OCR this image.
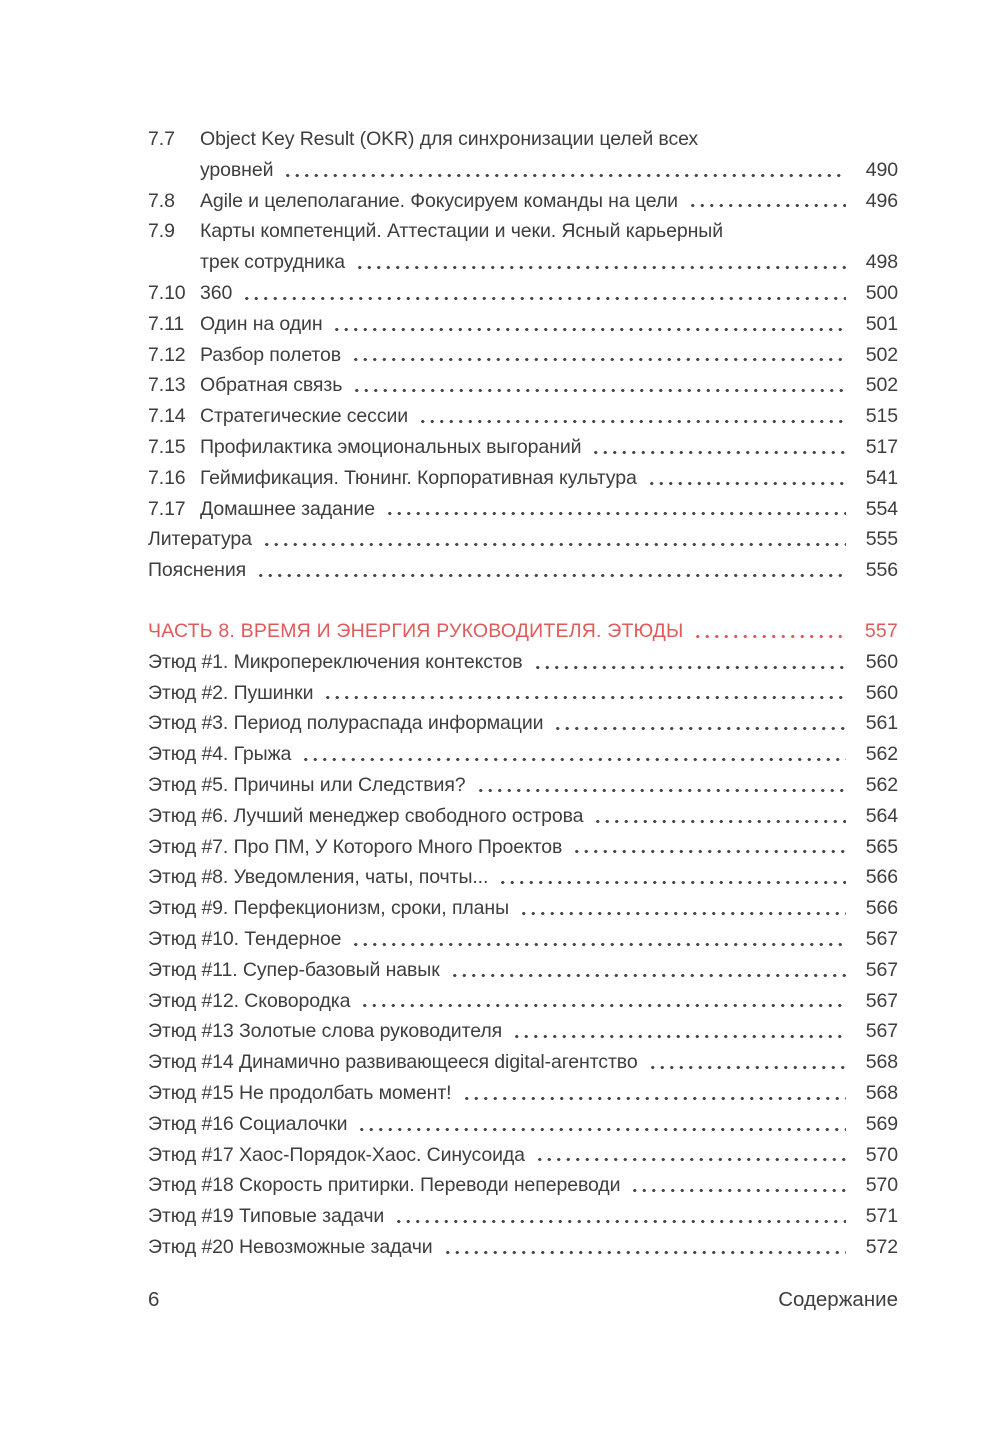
7.7	Object Key Result (OKR) для синхронизации целей всех
уровней	490
7.8	Agile и целеполагание. Фокусируем команды на цели	496
7.9	Карты компетенций. Аттестации и чеки. Ясный карьерный
трек сотрудника	498
7.10 360	500
7.11 Один на один	501
7.12 Разбор полетов	502
7.13 Обратная связь	502
7.14 Стратегические сессии	515
7.15 Профилактика эмоциональных выгораний	517
7.16 Геймификация. Тюнинг. Корпоративная культура	541
7.17 Домашнее задание	554
Литература	555
Пояснения	556
ЧАСТЬ 8. ВРЕМЯ И ЭНЕРГИЯ РУКОВОДИТЕЛЯ. ЭТЮДЫ	557
Этюд #1. Микропереключения контекстов	560
Этюд #2. Пушинки	560
Этюд #3. Период полураспада информации	561
Этюд #4. Грыжа	562
Этюд #5. Причины или Следствия?	562
Этюд #6. Лучший менеджер свободного острова	564
Этюд #7. Про ПМ, У Которого Много Проектов	565
Этюд #8. Уведомления, чаты, почты...	566
Этюд #9. Перфекционизм, сроки, планы	566
Этюд #10. Тендерное	567
Этюд #11. Супер-базовый навык	567
Этюд #12. Сковородка	567
Этюд #13 Золотые слова руководителя	567
Этюд #14 Динамично развивающееся digital-агентство	568
Этюд #15 Не продолбать момент!	568
Этюд #16 Социалочки	569
Этюд #17 Хаос-Порядок-Хаос. Синусоида	570
Этюд #18 Скорость притирки. Переводи непереводи	570
Этюд #19 Типовые задачи	571
Этюд #20 Невозможные задачи	572
6	Содержание
